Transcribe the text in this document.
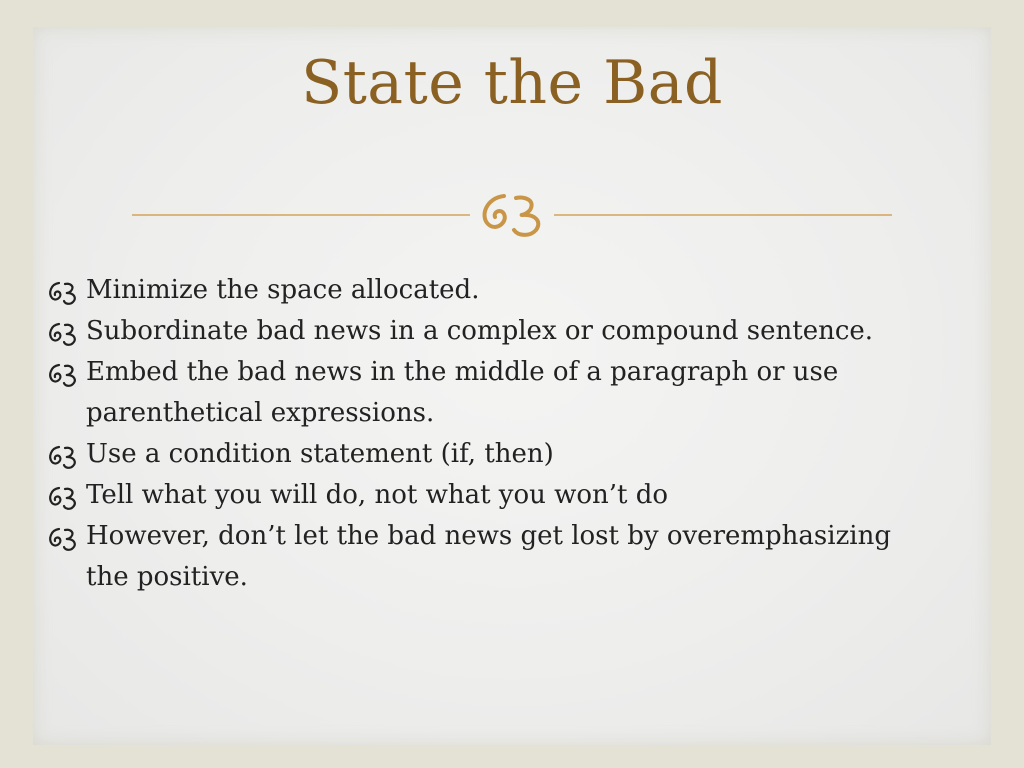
State the Bad
Minimize the space allocated.
Subordinate bad news in a complex or compound sentence.
Embed the bad news in the middle of a paragraph or use parenthetical expressions.
Use a condition statement (if, then)
Tell what you will do, not what you won’t do
However, don’t let the bad news get lost by overemphasizing the positive.
